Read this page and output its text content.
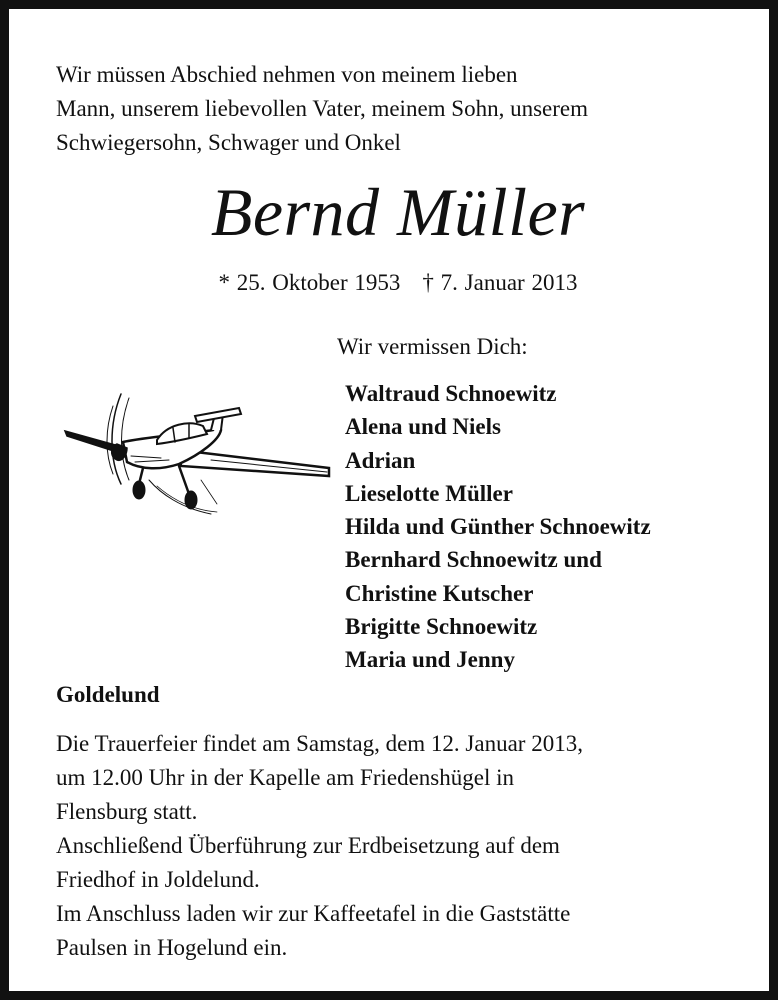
Wir müssen Abschied nehmen von meinem lieben
Mann, unserem liebevollen Vater, meinem Sohn, unserem
Schwiegersohn, Schwager und Onkel
Bernd Müller
* 25. Oktober 1953 † 7. Januar 2013
Wir vermissen Dich:
Waltraud Schnoewitz
Alena und Niels
Adrian
Lieselotte Müller
Hilda und Günther Schnoewitz
Bernhard Schnoewitz und
Christine Kutscher
Brigitte Schnoewitz
Maria und Jenny
Goldelund
Die Trauerfeier findet am Samstag, dem 12. Januar 2013,
um 12.00 Uhr in der Kapelle am Friedenshügel in
Flensburg statt.
Anschließend Überführung zur Erdbeisetzung auf dem
Friedhof in Joldelund.
Im Anschluss laden wir zur Kaffeetafel in die Gaststätte
Paulsen in Hogelund ein.
